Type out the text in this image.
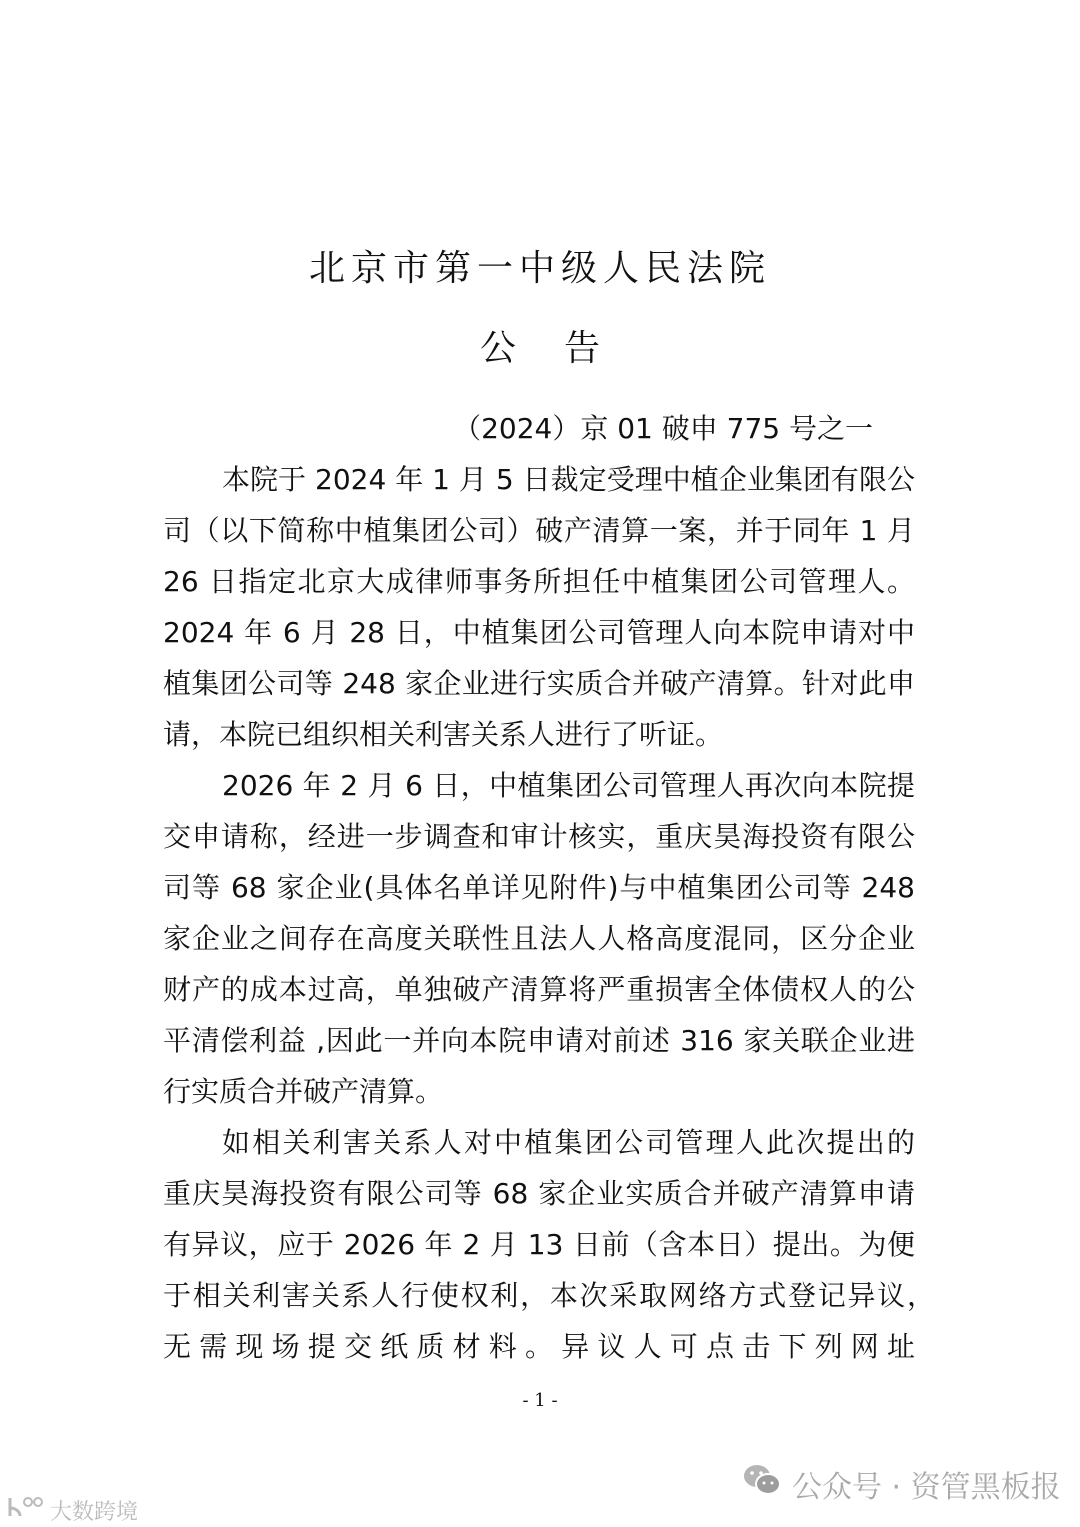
北京市第一中级人民法院
公 告
（2024）京 01 破申 775 号之一
本院于 2024 年 1 月 5 日裁定受理中植企业集团有限公
司（以下简称中植集团公司）破产清算一案，并于同年 1 月
26 日指定北京大成律师事务所担任中植集团公司管理人。
2024 年 6 月 28 日，中植集团公司管理人向本院申请对中
植集团公司等 248 家企业进行实质合并破产清算。针对此申
请，本院已组织相关利害关系人进行了听证。
2026 年 2 月 6 日，中植集团公司管理人再次向本院提
交申请称，经进一步调查和审计核实，重庆昊海投资有限公
司等 68 家企业(具体名单详见附件)与中植集团公司等 248
家企业之间存在高度关联性且法人人格高度混同，区分企业
财产的成本过高，单独破产清算将严重损害全体债权人的公
平清偿利益 ,因此一并向本院申请对前述 316 家关联企业进
行实质合并破产清算。
如相关利害关系人对中植集团公司管理人此次提出的
重庆昊海投资有限公司等 68 家企业实质合并破产清算申请
有异议，应于 2026 年 2 月 13 日前（含本日）提出。为便
于相关利害关系人行使权利，本次采取网络方式登记异议，
无需现场提交纸质材料。异议人可点击下列网址
- 1 -
公众号 · 资管黑板报
大数跨境
